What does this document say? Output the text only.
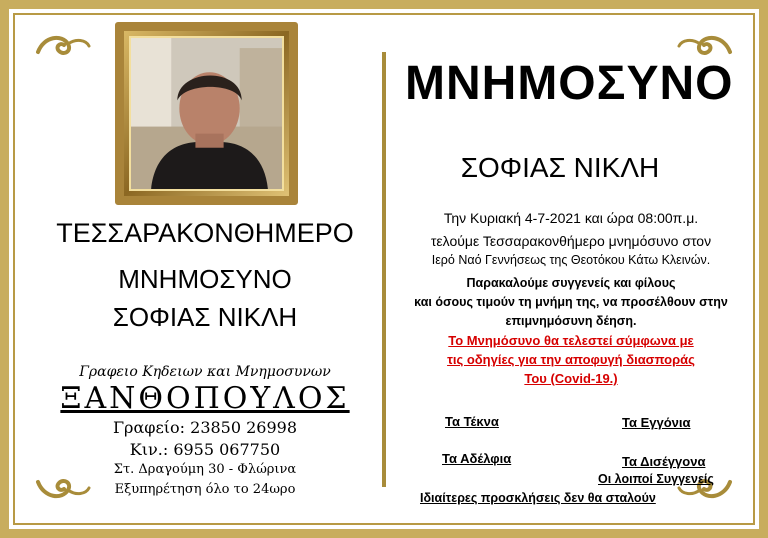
ΤΕΣΣΑΡΑΚΟΝΘΗΜΕΡΟ
ΜΝΗΜΟΣΥΝΟ
ΣΟΦΙΑΣ ΝΙΚΛΗ
Γραφειο Κηδειων και Μνημοσυνων
ΞΑΝΘΟΠΟΥΛΟΣ
Γραφείο: 23850 26998
Κιν.: 6955 067750
Στ. Δραγούμη 30 - Φλώρινα
Εξυπηρέτηση όλο το 24ωρο
ΜΝΗΜΟΣΥΝΟ
ΣΟΦΙΑΣ ΝΙΚΛΗ
Την Κυριακή 4-7-2021 και ώρα 08:00π.μ.
τελούμε Τεσσαρακονθήμερο μνημόσυνο στον
Ιερό Ναό Γεννήσεως της Θεοτόκου Κάτω Κλεινών.
Παρακαλούμε συγγενείς και φίλους
και όσους τιμούν τη μνήμη της, να προσέλθουν στην
επιμνημόσυνη δέηση.
Το Μνημόσυνο θα τελεστεί σύμφωνα με
τις οδηγίες για την αποφυγή διασποράς
Του (Covid-19.)
Τα Τέκνα	Τα Εγγόνια
Τα Αδέλφια	Τα Δισέγγονα
Οι λοιποί Συγγενείς
Ιδιαίτερες προσκλήσεις δεν θα σταλούν
